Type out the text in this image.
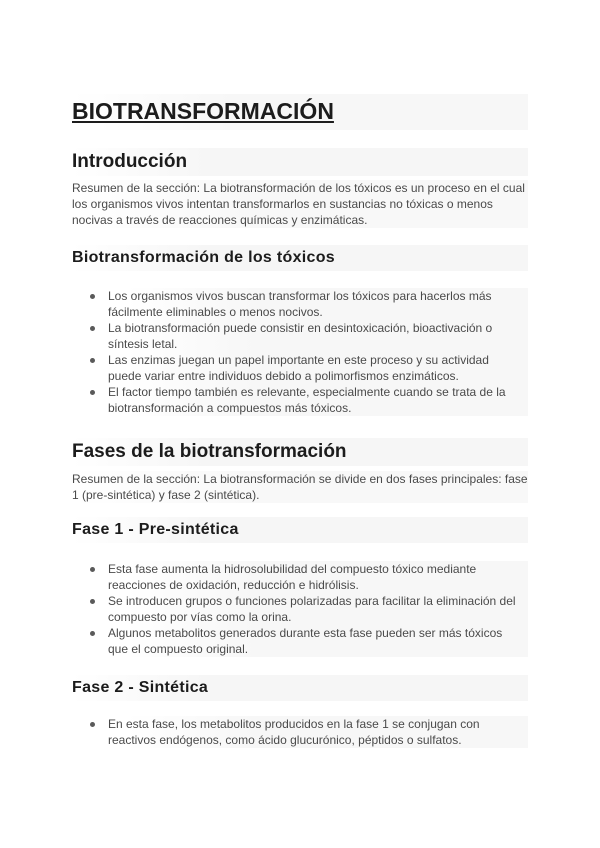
BIOTRANSFORMACIÓN
Introducción
Resumen de la sección: La biotransformación de los tóxicos es un proceso en el cual los organismos vivos intentan transformarlos en sustancias no tóxicas o menos nocivas a través de reacciones químicas y enzimáticas.
Biotransformación de los tóxicos
Los organismos vivos buscan transformar los tóxicos para hacerlos más fácilmente eliminables o menos nocivos.
La biotransformación puede consistir en desintoxicación, bioactivación o síntesis letal.
Las enzimas juegan un papel importante en este proceso y su actividad puede variar entre individuos debido a polimorfismos enzimáticos.
El factor tiempo también es relevante, especialmente cuando se trata de la biotransformación a compuestos más tóxicos.
Fases de la biotransformación
Resumen de la sección: La biotransformación se divide en dos fases principales: fase 1 (pre-sintética) y fase 2 (sintética).
Fase 1 - Pre-sintética
Esta fase aumenta la hidrosolubilidad del compuesto tóxico mediante reacciones de oxidación, reducción e hidrólisis.
Se introducen grupos o funciones polarizadas para facilitar la eliminación del compuesto por vías como la orina.
Algunos metabolitos generados durante esta fase pueden ser más tóxicos que el compuesto original.
Fase 2 - Sintética
En esta fase, los metabolitos producidos en la fase 1 se conjugan con reactivos endógenos, como ácido glucurónico, péptidos o sulfatos.
